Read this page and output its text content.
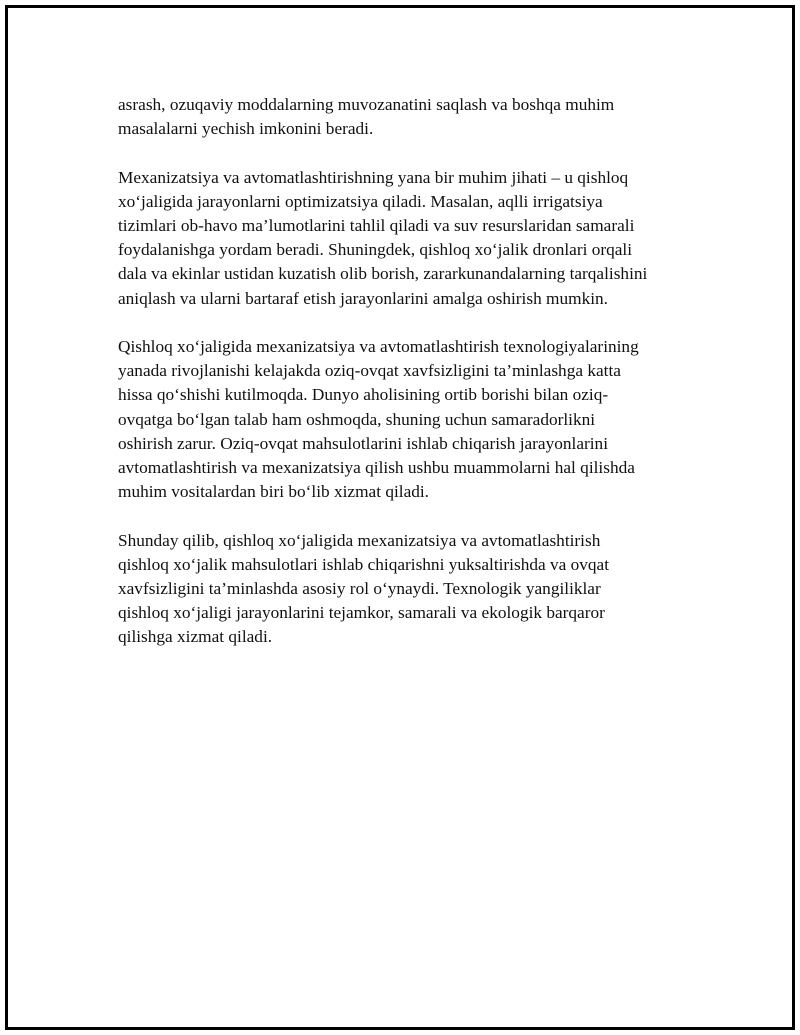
asrash, ozuqaviy moddalarning muvozanatini saqlash va boshqa muhim
masalalarni yechish imkonini beradi.

Mexanizatsiya va avtomatlashtirishning yana bir muhim jihati – u qishloq
xo‘jaligida jarayonlarni optimizatsiya qiladi. Masalan, aqlli irrigatsiya
tizimlari ob-havo ma’lumotlarini tahlil qiladi va suv resurslaridan samarali
foydalanishga yordam beradi. Shuningdek, qishloq xo‘jalik dronlari orqali
dala va ekinlar ustidan kuzatish olib borish, zararkunandalarning tarqalishini
aniqlash va ularni bartaraf etish jarayonlarini amalga oshirish mumkin.

Qishloq xo‘jaligida mexanizatsiya va avtomatlashtirish texnologiyalarining
yanada rivojlanishi kelajakda oziq-ovqat xavfsizligini ta’minlashga katta
hissa qo‘shishi kutilmoqda. Dunyo aholisining ortib borishi bilan oziq-
ovqatga bo‘lgan talab ham oshmoqda, shuning uchun samaradorlikni
oshirish zarur. Oziq-ovqat mahsulotlarini ishlab chiqarish jarayonlarini
avtomatlashtirish va mexanizatsiya qilish ushbu muammolarni hal qilishda
muhim vositalardan biri bo‘lib xizmat qiladi.

Shunday qilib, qishloq xo‘jaligida mexanizatsiya va avtomatlashtirish
qishloq xo‘jalik mahsulotlari ishlab chiqarishni yuksaltirishda va ovqat
xavfsizligini ta’minlashda asosiy rol o‘ynaydi. Texnologik yangiliklar
qishloq xo‘jaligi jarayonlarini tejamkor, samarali va ekologik barqaror
qilishga xizmat qiladi.
